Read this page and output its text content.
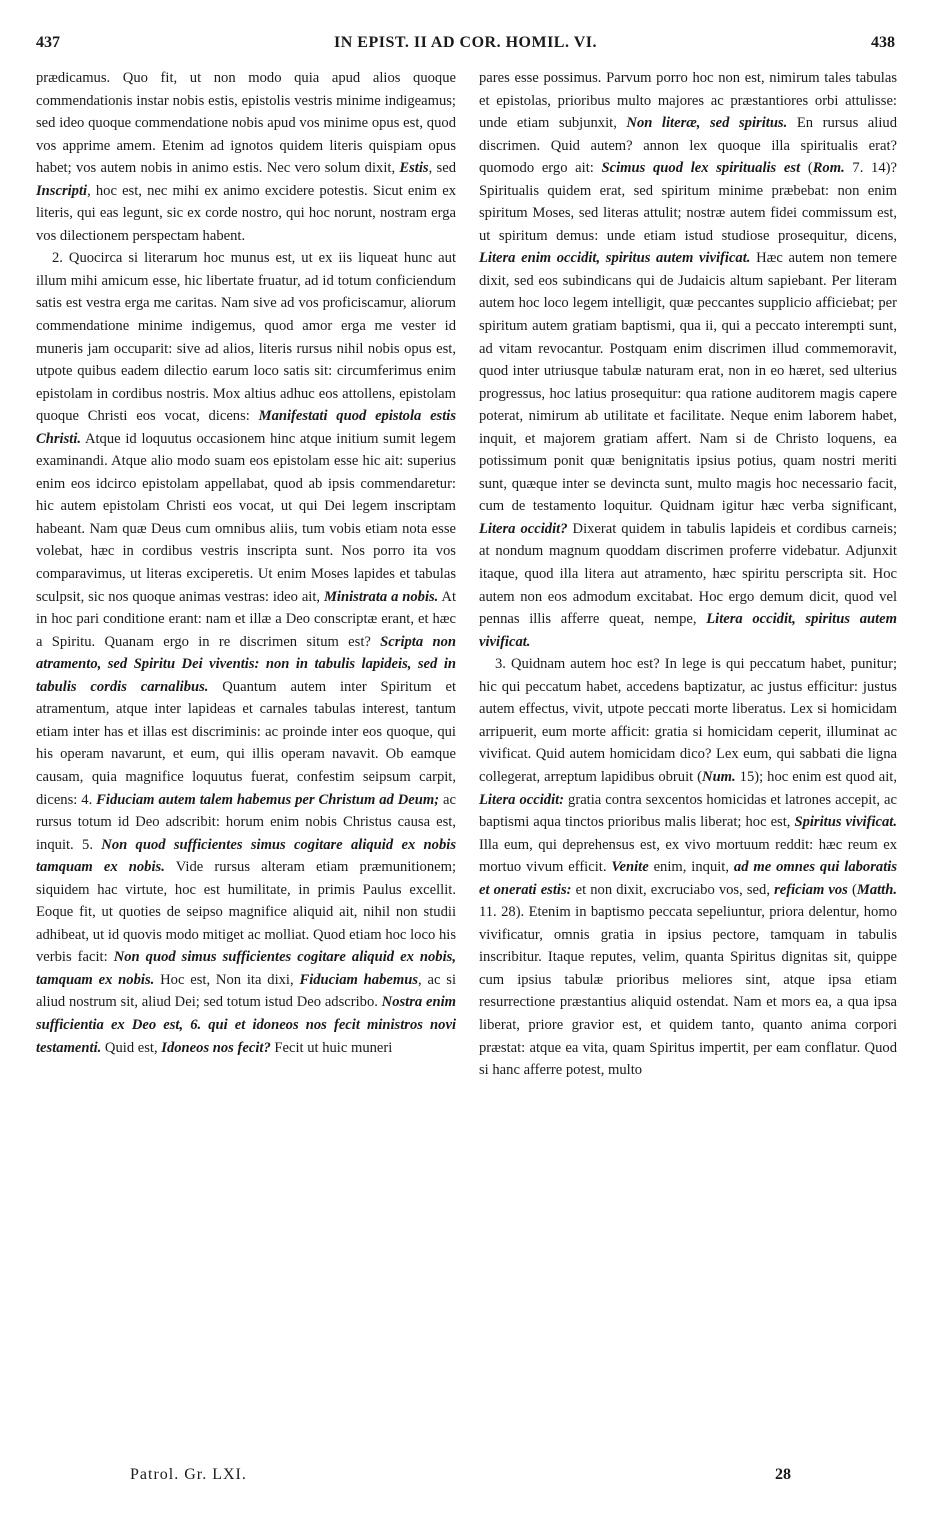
437	IN EPIST. II AD COR. HOMIL. VI.	438

prædicamus. Quo fit, ut non modo quia apud alios quoque commendationis instar nobis estis, epistolis vestris minime indigeamus; sed ideo quoque commendatione nobis apud vos minime opus est, quod vos apprime amem. Etenim ad ignotos quidem literis quispiam opus habet; vos autem nobis in animo estis. Nec vero solum dixit, Estis, sed Inscripti, hoc est, nec mihi ex animo excidere potestis. Sicut enim ex literis, qui eas legunt, sic ex corde nostro, qui hoc norunt, nostram erga vos dilectionem perspectam habent.

2. Quocirca si literarum hoc munus est, ut ex iis liqueat hunc aut illum mihi amicum esse, hic libertate fruatur, ad id totum conficiendum satis est vestra erga me caritas. Nam sive ad vos proficiscamur, aliorum commendatione minime indigemus, quod amor erga me vester id muneris jam occuparit: sive ad alios, literis rursus nihil nobis opus est, utpote quibus eadem dilectio earum loco satis sit: circumferimus enim epistolam in cordibus nostris. Mox altius adhuc eos attollens, epistolam quoque Christi eos vocat, dicens: Manifestati quod epistola estis Christi. Atque id loquutus occasionem hinc atque initium sumit legem examinandi. Atque alio modo suam eos epistolam esse hic ait: superius enim eos idcirco epistolam appellabat, quod ab ipsis commendaretur: hic autem epistolam Christi eos vocat, ut qui Dei legem inscriptam habeant. Nam quæ Deus cum omnibus aliis, tum vobis etiam nota esse volebat, hæc in cordibus vestris inscripta sunt. Nos porro ita vos comparavimus, ut literas exciperetis. Ut enim Moses lapides et tabulas sculpsit, sic nos quoque animas vestras: ideo ait, Ministrata a nobis. At in hoc pari conditione erant: nam et illæ a Deo conscriptæ erant, et hæc a Spiritu. Quanam ergo in re discrimen situm est? Scripta non atramento, sed Spiritu Dei viventis: non in tabulis lapideis, sed in tabulis cordis carnalibus. Quantum autem inter Spiritum et atramentum, atque inter lapideas et carnales tabulas interest, tantum etiam inter has et illas est discriminis: ac proinde inter eos quoque, qui his operam navarunt, et eum, qui illis operam navavit. Ob eamque causam, quia magnifice loquutus fuerat, confestim seipsum carpit, dicens: 4. Fiduciam autem talem habemus per Christum ad Deum; ac rursus totum id Deo adscribit: horum enim nobis Christus causa est, inquit. 5. Non quod sufficientes simus cogitare aliquid ex nobis tamquam ex nobis. Vide rursus alteram etiam præmunitionem; siquidem hac virtute, hoc est humilitate, in primis Paulus excellit. Eoque fit, ut quoties de seipso magnifice aliquid ait, nihil non studii adhibeat, ut id quovis modo mitiget ac molliat. Quod etiam hoc loco his verbis facit: Non quod simus sufficientes cogitare aliquid ex nobis, tamquam ex nobis. Hoc est, Non ita dixi, Fiduciam habemus, ac si aliud nostrum sit, aliud Dei; sed totum istud Deo adscribo. Nostra enim sufficientia ex Deo est, 6. qui et idoneos nos fecit ministros novi testamenti. Quid est, Idoneos nos fecit? Fecit ut huic muneri

pares esse possimus. Parvum porro hoc non est, nimirum tales tabulas et epistolas, prioribus multo majores ac præstantiores orbi attulisse: unde etiam subjunxit, Non literæ, sed spiritus. En rursus aliud discrimen. Quid autem? annon lex quoque illa spiritualis erat? quomodo ergo ait: Scimus quod lex spiritualis est (Rom. 7. 14)? Spiritualis quidem erat, sed spiritum minime præbebat: non enim spiritum Moses, sed literas attulit; nostræ autem fidei commissum est, ut spiritum demus: unde etiam istud studiose prosequitur, dicens, Litera enim occidit, spiritus autem vivificat. Hæc autem non temere dixit, sed eos subindicans qui de Judaicis altum sapiebant. Per literam autem hoc loco legem intelligit, quæ peccantes supplicio afficiebat; per spiritum autem gratiam baptismi, qua ii, qui a peccato interempti sunt, ad vitam revocantur. Postquam enim discrimen illud commemoravit, quod inter utriusque tabulæ naturam erat, non in eo hæret, sed ulterius progressus, hoc latius prosequitur: qua ratione auditorem magis capere poterat, nimirum ab utilitate et facilitate. Neque enim laborem habet, inquit, et majorem gratiam affert. Nam si de Christo loquens, ea potissimum ponit quæ benignitatis ipsius potius, quam nostri meriti sunt, quæque inter se devincta sunt, multo magis hoc necessario facit, cum de testamento loquitur. Quidnam igitur hæc verba significant, Litera occidit? Dixerat quidem in tabulis lapideis et cordibus carneis; at nondum magnum quoddam discrimen proferre videbatur. Adjunxit itaque, quod illa litera aut atramento, hæc spiritu perscripta sit. Hoc autem non eos admodum excitabat. Hoc ergo demum dicit, quod vel pennas illis afferre queat, nempe, Litera occidit, spiritus autem vivificat.

3. Quidnam autem hoc est? In lege is qui peccatum habet, punitur; hic qui peccatum habet, accedens baptizatur, ac justus efficitur: justus autem effectus, vivit, utpote peccati morte liberatus. Lex si homicidam arripuerit, eum morte afficit: gratia si homicidam ceperit, illuminat ac vivificat. Quid autem homicidam dico? Lex eum, qui sabbati die ligna collegerat, arreptum lapidibus obruit (Num. 15); hoc enim est quod ait, Litera occidit: gratia contra sexcentos homicidas et latrones accepit, ac baptismi aqua tinctos prioribus malis liberat; hoc est, Spiritus vivificat. Illa eum, qui deprehensus est, ex vivo mortuum reddit: hæc reum ex mortuo vivum efficit. Venite enim, inquit, ad me omnes qui laboratis et onerati estis: et non dixit, excruciabo vos, sed, reficiam vos (Matth. 11. 28). Etenim in baptismo peccata sepeliuntur, priora delentur, homo vivificatur, omnis gratia in ipsius pectore, tamquam in tabulis inscribitur. Itaque reputes, velim, quanta Spiritus dignitas sit, quippe cum ipsius tabulæ prioribus meliores sint, atque ipsa etiam resurrectione præstantius aliquid ostendat. Nam et mors ea, a qua ipsa liberat, priore gravior est, et quidem tanto, quanto anima corpori præstat: atque ea vita, quam Spiritus impertit, per eam conflatur. Quod si hanc afferre potest, multo

Patrol. Gr. LXI.	28
